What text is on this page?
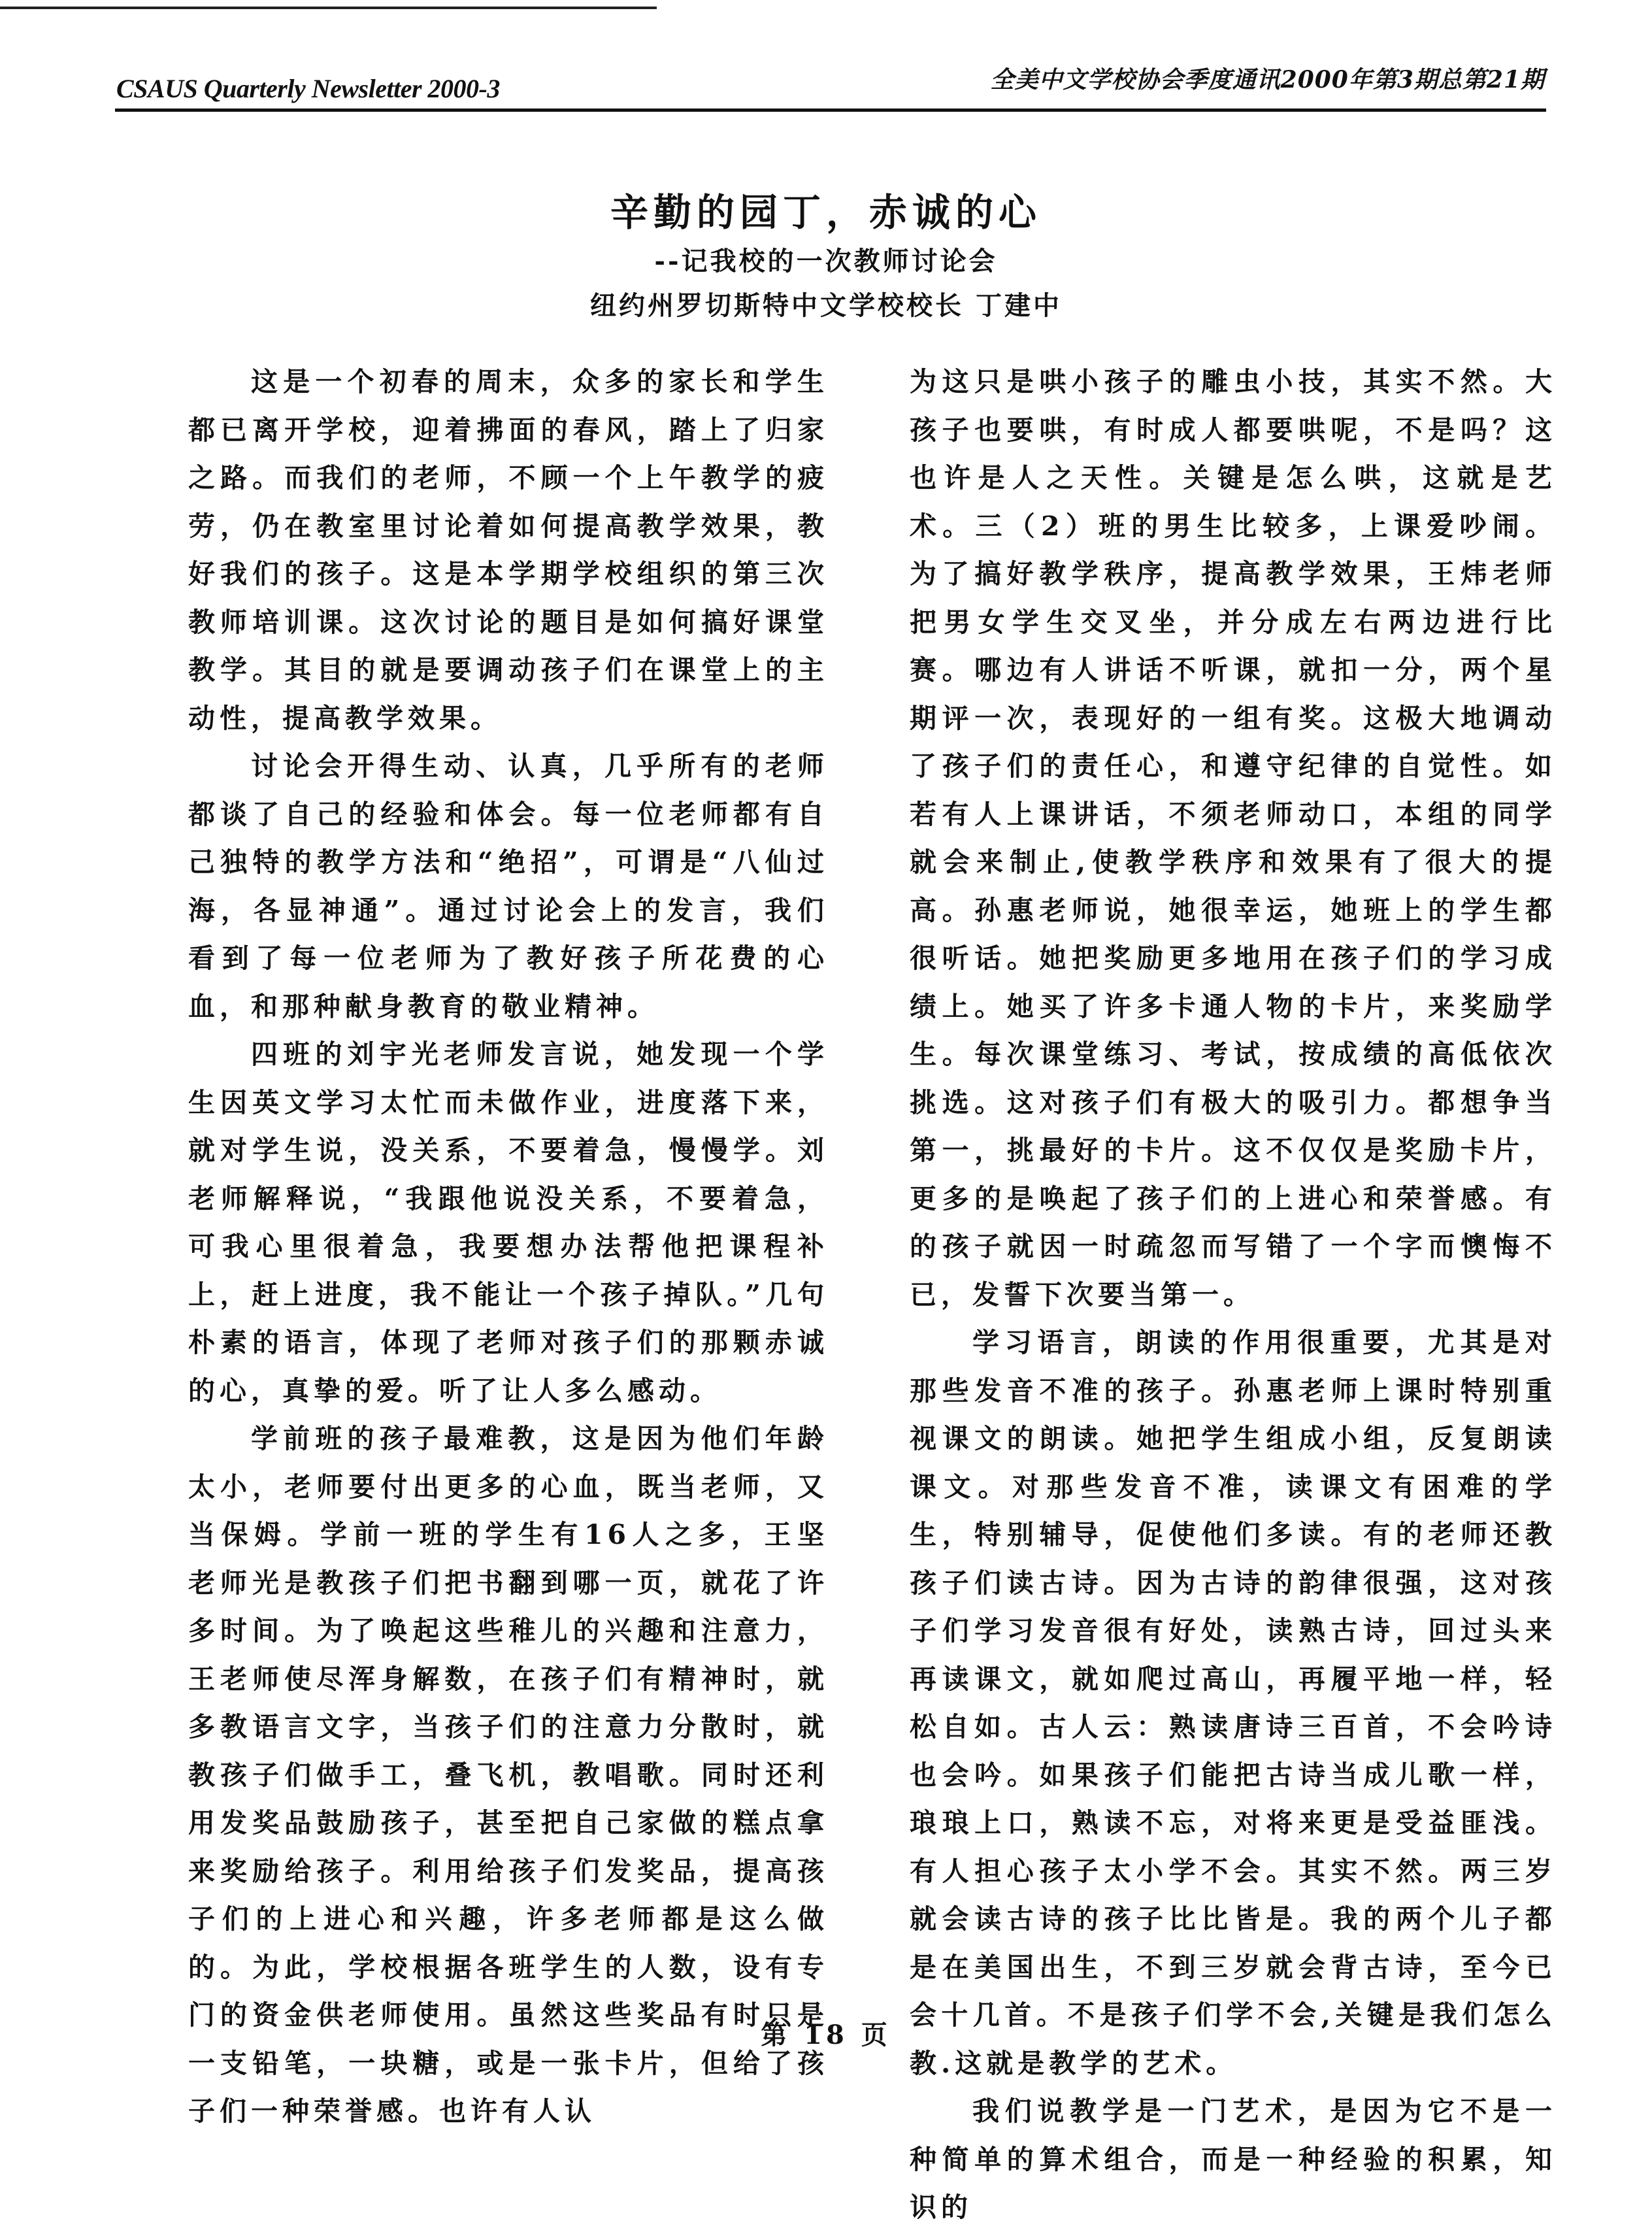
CSAUS Quarterly Newsletter 2000-3	全美中文学校协会季度通讯2000年第3期总第21期
辛勤的园丁，赤诚的心
--记我校的一次教师讨论会
纽约州罗切斯特中文学校校长 丁建中

这是一个初春的周末，众多的家长和学生都已离开学校，迎着拂面的春风，踏上了归家之路。而我们的老师，不顾一个上午教学的疲劳，仍在教室里讨论着如何提高教学效果，教好我们的孩子。这是本学期学校组织的第三次教师培训课。这次讨论的题目是如何搞好课堂教学。其目的就是要调动孩子们在课堂上的主动性，提高教学效果。

讨论会开得生动、认真，几乎所有的老师都谈了自己的经验和体会。每一位老师都有自己独特的教学方法和“绝招”，可谓是“八仙过海，各显神通”。通过讨论会上的发言，我们看到了每一位老师为了教好孩子所花费的心血，和那种献身教育的敬业精神。

四班的刘宇光老师发言说，她发现一个学生因英文学习太忙而未做作业，进度落下来，就对学生说，没关系，不要着急，慢慢学。刘老师解释说，“我跟他说没关系，不要着急，可我心里很着急，我要想办法帮他把课程补上，赶上进度，我不能让一个孩子掉队。”几句朴素的语言，体现了老师对孩子们的那颗赤诚的心，真挚的爱。听了让人多么感动。

学前班的孩子最难教，这是因为他们年龄太小，老师要付出更多的心血，既当老师，又当保姆。学前一班的学生有16人之多，王坚老师光是教孩子们把书翻到哪一页，就花了许多时间。为了唤起这些稚儿的兴趣和注意力，王老师使尽浑身解数，在孩子们有精神时，就多教语言文字，当孩子们的注意力分散时，就教孩子们做手工，叠飞机，教唱歌。同时还利用发奖品鼓励孩子，甚至把自己家做的糕点拿来奖励给孩子。利用给孩子们发奖品，提高孩子们的上进心和兴趣，许多老师都是这么做的。为此，学校根据各班学生的人数，设有专门的资金供老师使用。虽然这些奖品有时只是一支铅笔，一块糖，或是一张卡片，但给了孩子们一种荣誉感。也许有人认

为这只是哄小孩子的雕虫小技，其实不然。大孩子也要哄，有时成人都要哄呢，不是吗？这也许是人之天性。关键是怎么哄，这就是艺术。三（2）班的男生比较多，上课爱吵闹。为了搞好教学秩序，提高教学效果，王炜老师把男女学生交叉坐，并分成左右两边进行比赛。哪边有人讲话不听课，就扣一分，两个星期评一次，表现好的一组有奖。这极大地调动了孩子们的责任心，和遵守纪律的自觉性。如若有人上课讲话，不须老师动口，本组的同学就会来制止,使教学秩序和效果有了很大的提高。孙惠老师说，她很幸运，她班上的学生都很听话。她把奖励更多地用在孩子们的学习成绩上。她买了许多卡通人物的卡片，来奖励学生。每次课堂练习、考试，按成绩的高低依次挑选。这对孩子们有极大的吸引力。都想争当第一，挑最好的卡片。这不仅仅是奖励卡片，更多的是唤起了孩子们的上进心和荣誉感。有的孩子就因一时疏忽而写错了一个字而懊悔不已，发誓下次要当第一。

学习语言，朗读的作用很重要，尤其是对那些发音不准的孩子。孙惠老师上课时特别重视课文的朗读。她把学生组成小组，反复朗读课文。对那些发音不准，读课文有困难的学生，特别辅导，促使他们多读。有的老师还教孩子们读古诗。因为古诗的韵律很强，这对孩子们学习发音很有好处，读熟古诗，回过头来再读课文，就如爬过高山，再履平地一样，轻松自如。古人云：熟读唐诗三百首，不会吟诗也会吟。如果孩子们能把古诗当成儿歌一样，琅琅上口，熟读不忘，对将来更是受益匪浅。有人担心孩子太小学不会。其实不然。两三岁就会读古诗的孩子比比皆是。我的两个儿子都是在美国出生，不到三岁就会背古诗，至今已会十几首。不是孩子们学不会,关键是我们怎么教.这就是教学的艺术。

我们说教学是一门艺术，是因为它不是一种简单的算术组合，而是一种经验的积累，知识的

第 18 页
